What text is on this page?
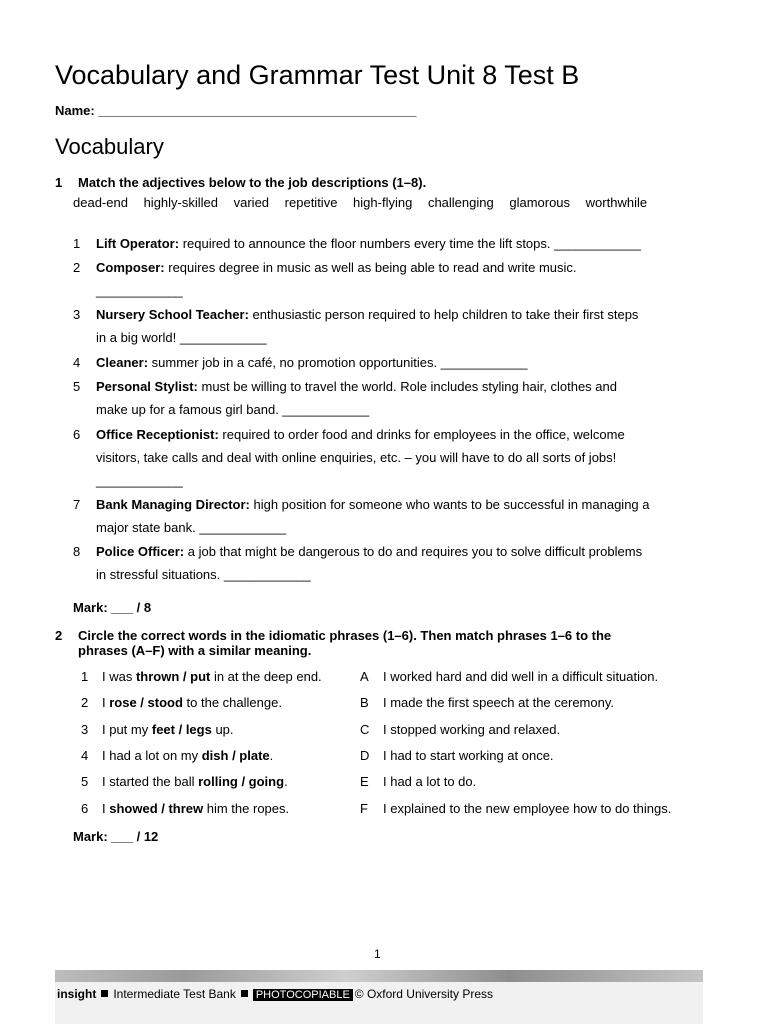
Vocabulary and Grammar Test Unit 8 Test B
Name: ____________________________________________
Vocabulary
1 Match the adjectives below to the job descriptions (1–8).
dead-end highly-skilled varied repetitive high-flying challenging glamorous worthwhile
1 Lift Operator: required to announce the floor numbers every time the lift stops. ____________
2 Composer: requires degree in music as well as being able to read and write music.
____________
3 Nursery School Teacher: enthusiastic person required to help children to take their first steps
in a big world! ____________
4 Cleaner: summer job in a café, no promotion opportunities. ____________
5 Personal Stylist: must be willing to travel the world. Role includes styling hair, clothes and
make up for a famous girl band. ____________
6 Office Receptionist: required to order food and drinks for employees in the office, welcome
visitors, take calls and deal with online enquiries, etc. – you will have to do all sorts of jobs!
____________
7 Bank Managing Director: high position for someone who wants to be successful in managing a
major state bank. ____________
8 Police Officer: a job that might be dangerous to do and requires you to solve difficult problems
in stressful situations. ____________
Mark: ___ / 8
2 Circle the correct words in the idiomatic phrases (1–6). Then match phrases 1–6 to the
phrases (A–F) with a similar meaning.
1 I was thrown / put in at the deep end.
2 I rose / stood to the challenge.
3 I put my feet / legs up.
4 I had a lot on my dish / plate.
5 I started the ball rolling / going.
6 I showed / threw him the ropes.
A I worked hard and did well in a difficult situation.
B I made the first speech at the ceremony.
C I stopped working and relaxed.
D I had to start working at once.
E I had a lot to do.
F I explained to the new employee how to do things.
Mark: ___ / 12
1
insight Intermediate Test Bank PHOTOCOPIABLE © Oxford University Press
